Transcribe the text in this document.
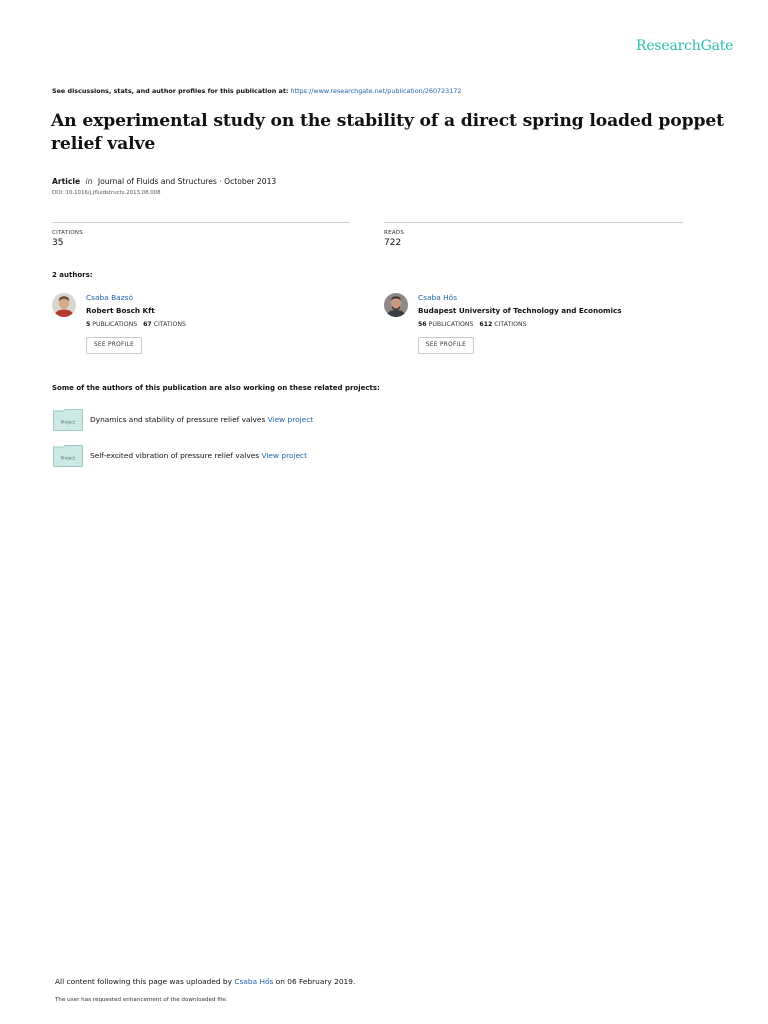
ResearchGate
See discussions, stats, and author profiles for this publication at: https://www.researchgate.net/publication/260723172
An experimental study on the stability of a direct spring loaded poppet relief valve
Article in Journal of Fluids and Structures · October 2013
DOI: 10.1016/j.jfluidstructs.2013.08.008
CITATIONS
35
READS
722
2 authors:
Csaba Bazsó
Robert Bosch Kft
5 PUBLICATIONS 67 CITATIONS
SEE PROFILE
Csaba Hős
Budapest University of Technology and Economics
56 PUBLICATIONS 612 CITATIONS
SEE PROFILE
Some of the authors of this publication are also working on these related projects:
Project Dynamics and stability of pressure relief valves View project
Project Self-excited vibration of pressure relief valves View project
All content following this page was uploaded by Csaba Hős on 06 February 2019.
The user has requested enhancement of the downloaded file.
